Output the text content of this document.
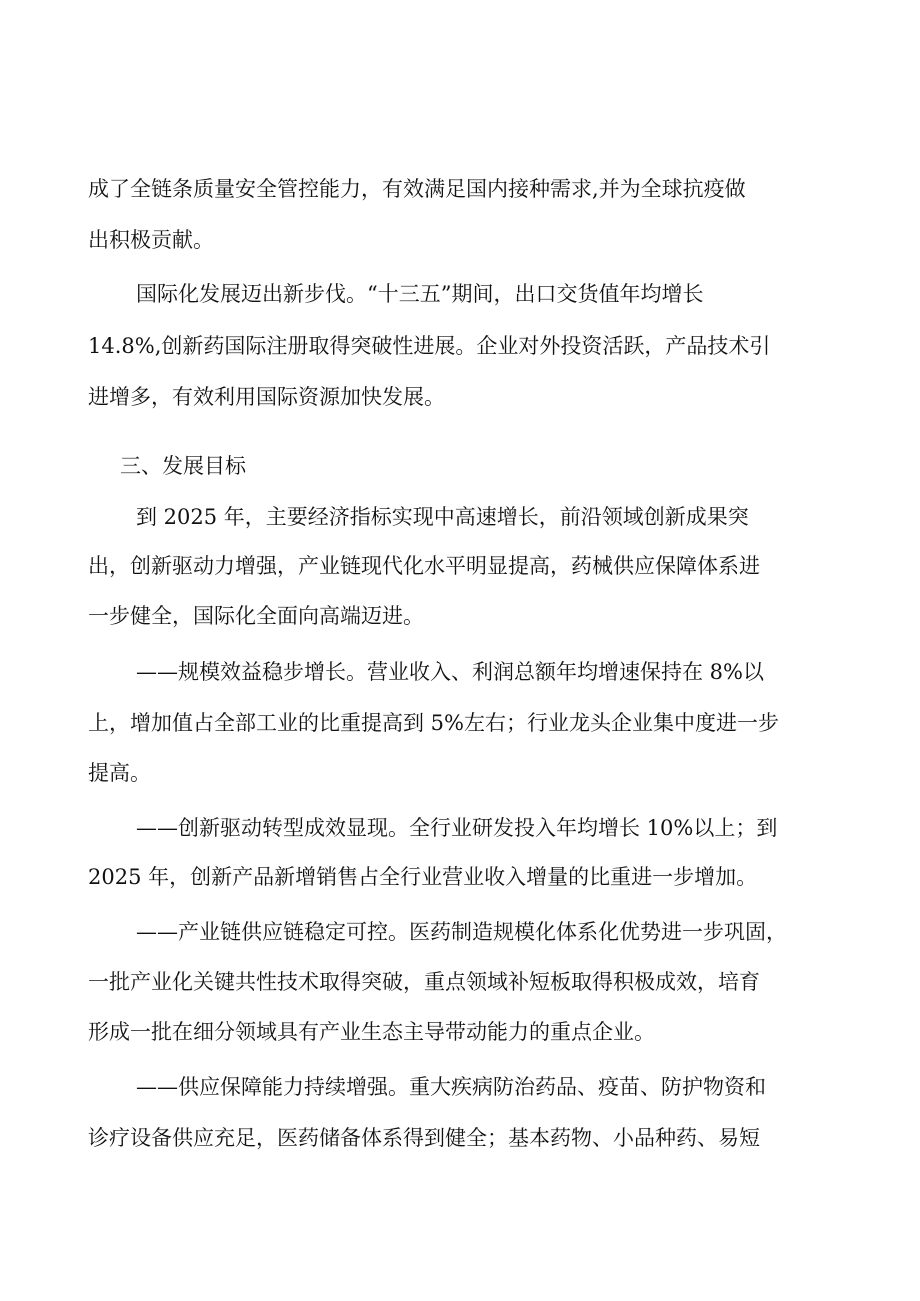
成了全链条质量安全管控能力，有效满足国内接种需求,并为全球抗疫做

出积极贡献。

国际化发展迈出新步伐。“十三五”期间，出口交货值年均增长

14.8%,创新药国际注册取得突破性进展。企业对外投资活跃，产品技术引

进增多，有效利用国际资源加快发展。

三、发展目标

到 2025 年，主要经济指标实现中高速增长，前沿领域创新成果突

出，创新驱动力增强，产业链现代化水平明显提高，药械供应保障体系进

一步健全，国际化全面向高端迈进。

——规模效益稳步增长。营业收入、利润总额年均增速保持在 8%以

上，增加值占全部工业的比重提高到 5%左右；行业龙头企业集中度进一步

提高。

——创新驱动转型成效显现。全行业研发投入年均增长 10%以上；到

2025 年，创新产品新增销售占全行业营业收入增量的比重进一步增加。

——产业链供应链稳定可控。医药制造规模化体系化优势进一步巩固，

一批产业化关键共性技术取得突破，重点领域补短板取得积极成效，培育

形成一批在细分领域具有产业生态主导带动能力的重点企业。

——供应保障能力持续增强。重大疾病防治药品、疫苗、防护物资和

诊疗设备供应充足，医药储备体系得到健全；基本药物、小品种药、易短
